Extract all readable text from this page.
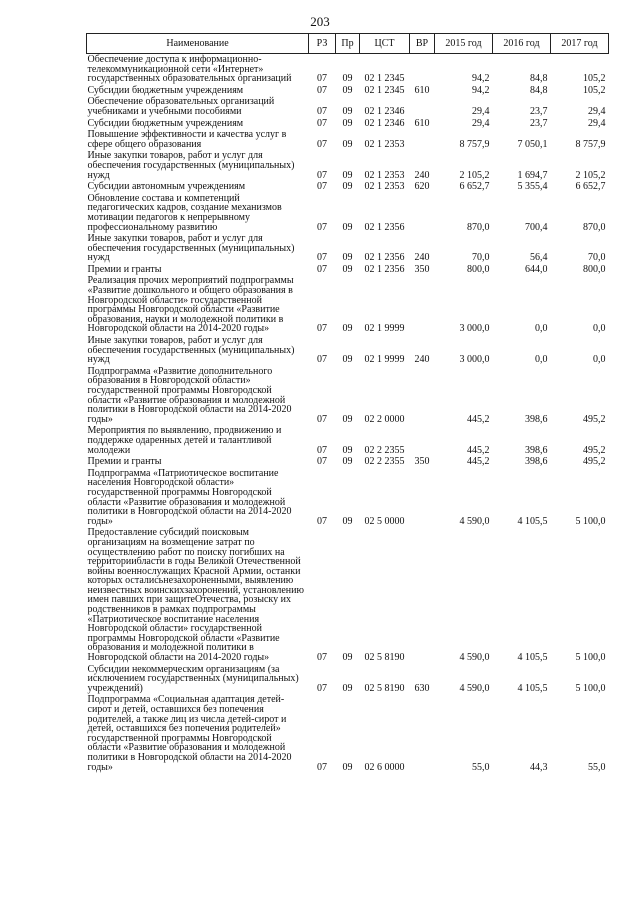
203
Наименование	РЗ	Пр	ЦСТ	ВР	2015 год	2016 год	2017 год
Обеспечение доступа к информационно-телекоммуникационной сети «Интернет» государственных образовательных организаций	07	09	02 1 2345		94,2	84,8	105,2
Субсидии бюджетным учреждениям	07	09	02 1 2345	610	94,2	84,8	105,2
Обеспечение образовательных организаций учебниками и учебными пособиями	07	09	02 1 2346		29,4	23,7	29,4
Субсидии бюджетным учреждениям	07	09	02 1 2346	610	29,4	23,7	29,4
Повышение эффективности и качества услуг в сфере общего образования	07	09	02 1 2353		8 757,9	7 050,1	8 757,9
Иные закупки товаров, работ и услуг для обеспечения государственных (муниципальных) нужд	07	09	02 1 2353	240	2 105,2	1 694,7	2 105,2
Субсидии автономным учреждениям	07	09	02 1 2353	620	6 652,7	5 355,4	6 652,7
Обновление состава и компетенций педагогических кадров, создание механизмов мотивации педагогов к непрерывному профессиональному развитию	07	09	02 1 2356		870,0	700,4	870,0
Иные закупки товаров, работ и услуг для обеспечения государственных (муниципальных) нужд	07	09	02 1 2356	240	70,0	56,4	70,0
Премии и гранты	07	09	02 1 2356	350	800,0	644,0	800,0
Реализация прочих мероприятий подпрограммы «Развитие дошкольного и общего образования в Новгородской области» государственной программы Новгородской области «Развитие образования, науки и молодежной политики в Новгородской области на 2014-2020 годы»	07	09	02 1 9999		3 000,0	0,0	0,0
Иные закупки товаров, работ и услуг для обеспечения государственных (муниципальных) нужд	07	09	02 1 9999	240	3 000,0	0,0	0,0
Подпрограмма «Развитие дополнительного образования в Новгородской области» государственной программы Новгородской области «Развитие образования и молодежной политики в Новгородской области на 2014-2020 годы»	07	09	02 2 0000		445,2	398,6	495,2
Мероприятия по выявлению, продвижению и поддержке одаренных детей и талантливой молодежи	07	09	02 2 2355		445,2	398,6	495,2
Премии и гранты	07	09	02 2 2355	350	445,2	398,6	495,2
Подпрограмма «Патриотическое воспитание населения Новгородской области» государственной программы Новгородской области «Развитие образования и молодежной политики в Новгородской области на 2014-2020 годы»	07	09	02 5 0000		4 590,0	4 105,5	5 100,0
Предоставление субсидий поисковым организациям на возмещение затрат по осуществлению работ по поиску погибших на территориибласти в годы Великой Отечественной войны военнослужащих Красной Армии, останки которых осталисьнезахороненными, выявлению неизвестных воинскихзахоронений, установлению имен павших при защитеОтечества, розыску их родственников в рамках подпрограммы «Патриотическое воспитание населения Новгородской области» государственной программы Новгородской области «Развитие образования и молодежной политики в Новгородской области на 2014-2020 годы»	07	09	02 5 8190		4 590,0	4 105,5	5 100,0
Субсидии некоммерческим организациям (за исключением государственных (муниципальных) учреждений)	07	09	02 5 8190	630	4 590,0	4 105,5	5 100,0
Подпрограмма «Социальная адаптация детей-сирот и детей, оставшихся без попечения родителей, а также лиц из числа детей-сирот и детей, оставшихся без попечения родителей» государственной программы Новгородской области «Развитие образования и молодежной политики в Новгородской области на 2014-2020 годы»	07	09	02 6 0000		55,0	44,3	55,0
